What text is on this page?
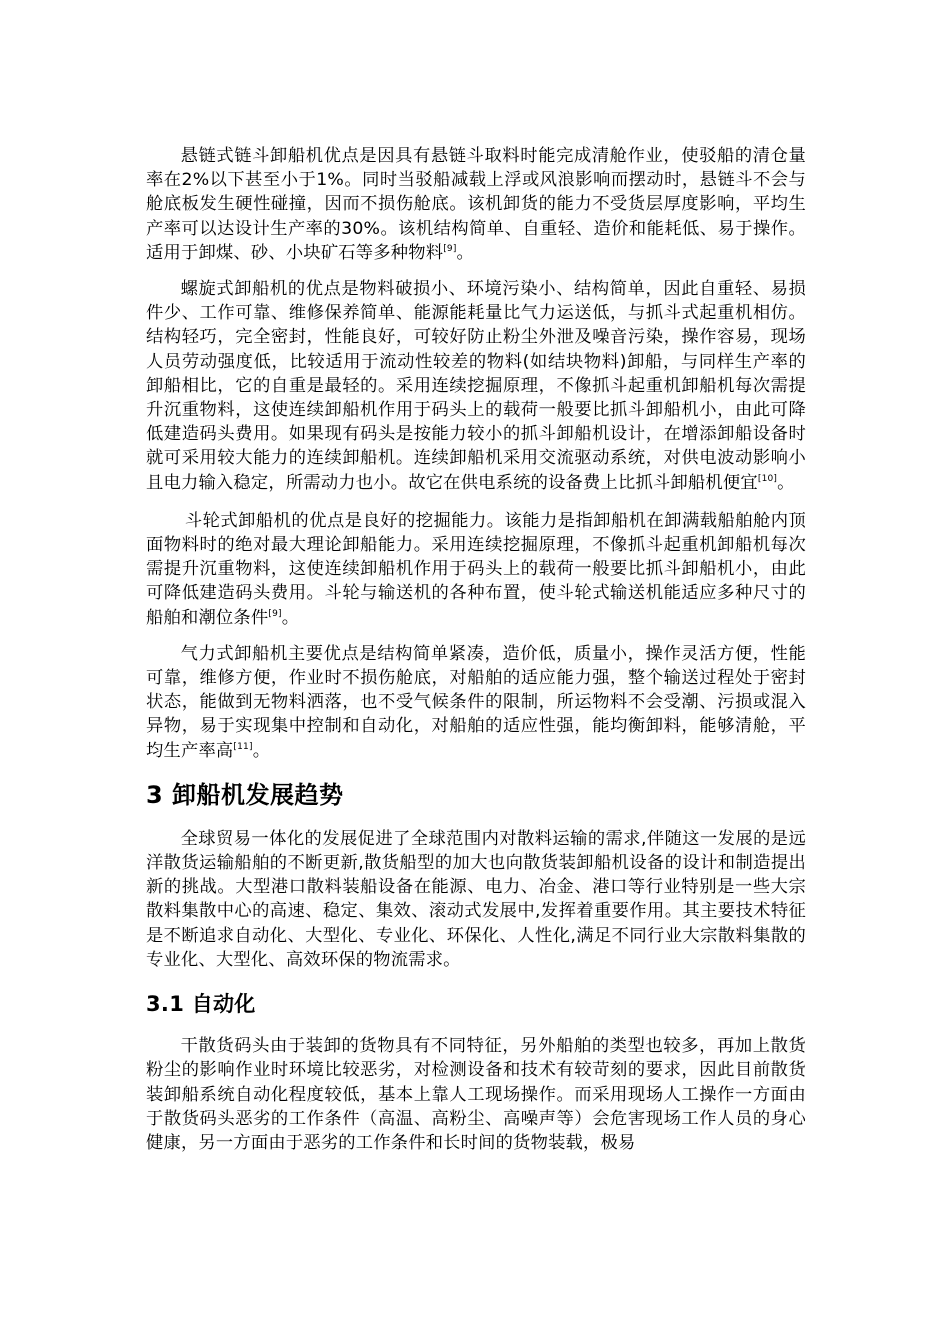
悬链式链斗卸船机优点是因具有悬链斗取料时能完成清舱作业，使驳船的清仓量率在2%以下甚至小于1%。同时当驳船减载上浮或风浪影响而摆动时，悬链斗不会与舱底板发生硬性碰撞，因而不损伤舱底。该机卸货的能力不受货层厚度影响，平均生产率可以达设计生产率的30%。该机结构简单、自重轻、造价和能耗低、易于操作。适用于卸煤、砂、小块矿石等多种物料[9]。

螺旋式卸船机的优点是物料破损小、环境污染小、结构简单，因此自重轻、易损件少、工作可靠、维修保养简单、能源能耗量比气力运送低，与抓斗式起重机相仿。结构轻巧，完全密封，性能良好，可较好防止粉尘外泄及噪音污染，操作容易，现场人员劳动强度低，比较适用于流动性较差的物料(如结块物料)卸船，与同样生产率的卸船相比，它的自重是最轻的。采用连续挖掘原理，不像抓斗起重机卸船机每次需提升沉重物料，这使连续卸船机作用于码头上的载荷一般要比抓斗卸船机小，由此可降低建造码头费用。如果现有码头是按能力较小的抓斗卸船机设计，在增添卸船设备时就可采用较大能力的连续卸船机。连续卸船机采用交流驱动系统，对供电波动影响小且电力输入稳定，所需动力也小。故它在供电系统的设备费上比抓斗卸船机便宜[10]。

斗轮式卸船机的优点是良好的挖掘能力。该能力是指卸船机在卸满载船舶舱内顶面物料时的绝对最大理论卸船能力。采用连续挖掘原理，不像抓斗起重机卸船机每次需提升沉重物料，这使连续卸船机作用于码头上的载荷一般要比抓斗卸船机小，由此可降低建造码头费用。斗轮与输送机的各种布置，使斗轮式输送机能适应多种尺寸的船舶和潮位条件[9]。

气力式卸船机主要优点是结构简单紧凑，造价低，质量小，操作灵活方便，性能可靠，维修方便，作业时不损伤舱底，对船舶的适应能力强，整个输送过程处于密封状态，能做到无物料洒落，也不受气候条件的限制，所运物料不会受潮、污损或混入异物，易于实现集中控制和自动化，对船舶的适应性强，能均衡卸料，能够清舱，平均生产率高[11]。

3 卸船机发展趋势

全球贸易一体化的发展促进了全球范围内对散料运输的需求,伴随这一发展的是远洋散货运输船舶的不断更新,散货船型的加大也向散货装卸船机设备的设计和制造提出新的挑战。大型港口散料装船设备在能源、电力、冶金、港口等行业特别是一些大宗散料集散中心的高速、稳定、集效、滚动式发展中,发挥着重要作用。其主要技术特征是不断追求自动化、大型化、专业化、环保化、人性化,满足不同行业大宗散料集散的专业化、大型化、高效环保的物流需求。

3.1 自动化

干散货码头由于装卸的货物具有不同特征，另外船舶的类型也较多，再加上散货粉尘的影响作业时环境比较恶劣，对检测设备和技术有较苛刻的要求，因此目前散货装卸船系统自动化程度较低，基本上靠人工现场操作。而采用现场人工操作一方面由于散货码头恶劣的工作条件（高温、高粉尘、高噪声等）会危害现场工作人员的身心健康，另一方面由于恶劣的工作条件和长时间的货物装载，极易
